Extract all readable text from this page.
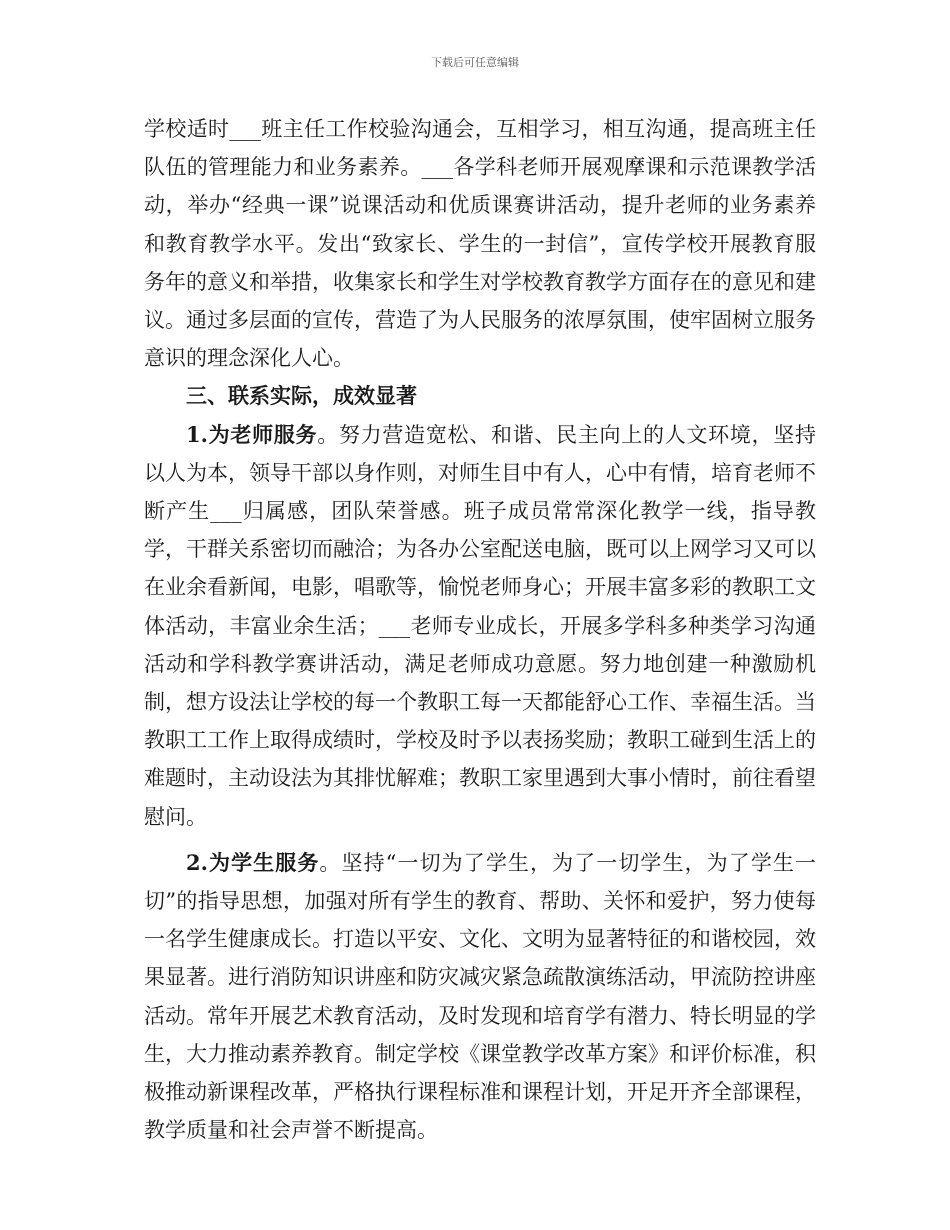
下载后可任意编辑

学校适时___班主任工作校验沟通会，互相学习，相互沟通，提高班主任队伍的管理能力和业务素养。___各学科老师开展观摩课和示范课教学活动，举办“经典一课”说课活动和优质课赛讲活动，提升老师的业务素养和教育教学水平。发出“致家长、学生的一封信”，宣传学校开展教育服务年的意义和举措，收集家长和学生对学校教育教学方面存在的意见和建议。通过多层面的宣传，营造了为人民服务的浓厚氛围，使牢固树立服务意识的理念深化人心。

三、联系实际，成效显著

1.为老师服务。努力营造宽松、和谐、民主向上的人文环境，坚持以人为本，领导干部以身作则，对师生目中有人，心中有情，培育老师不断产生___归属感，团队荣誉感。班子成员常常深化教学一线，指导教学，干群关系密切而融洽；为各办公室配送电脑，既可以上网学习又可以在业余看新闻，电影，唱歌等，愉悦老师身心；开展丰富多彩的教职工文体活动，丰富业余生活；___老师专业成长，开展多学科多种类学习沟通活动和学科教学赛讲活动，满足老师成功意愿。努力地创建一种激励机制，想方设法让学校的每一个教职工每一天都能舒心工作、幸福生活。当教职工工作上取得成绩时，学校及时予以表扬奖励；教职工碰到生活上的难题时，主动设法为其排忧解难；教职工家里遇到大事小情时，前往看望慰问。

2.为学生服务。坚持“一切为了学生，为了一切学生，为了学生一切”的指导思想，加强对所有学生的教育、帮助、关怀和爱护，努力使每一名学生健康成长。打造以平安、文化、文明为显著特征的和谐校园，效果显著。进行消防知识讲座和防灾减灾紧急疏散演练活动，甲流防控讲座活动。常年开展艺术教育活动，及时发现和培育学有潜力、特长明显的学生，大力推动素养教育。制定学校《课堂教学改革方案》和评价标准，积极推动新课程改革，严格执行课程标准和课程计划，开足开齐全部课程，教学质量和社会声誉不断提高。
